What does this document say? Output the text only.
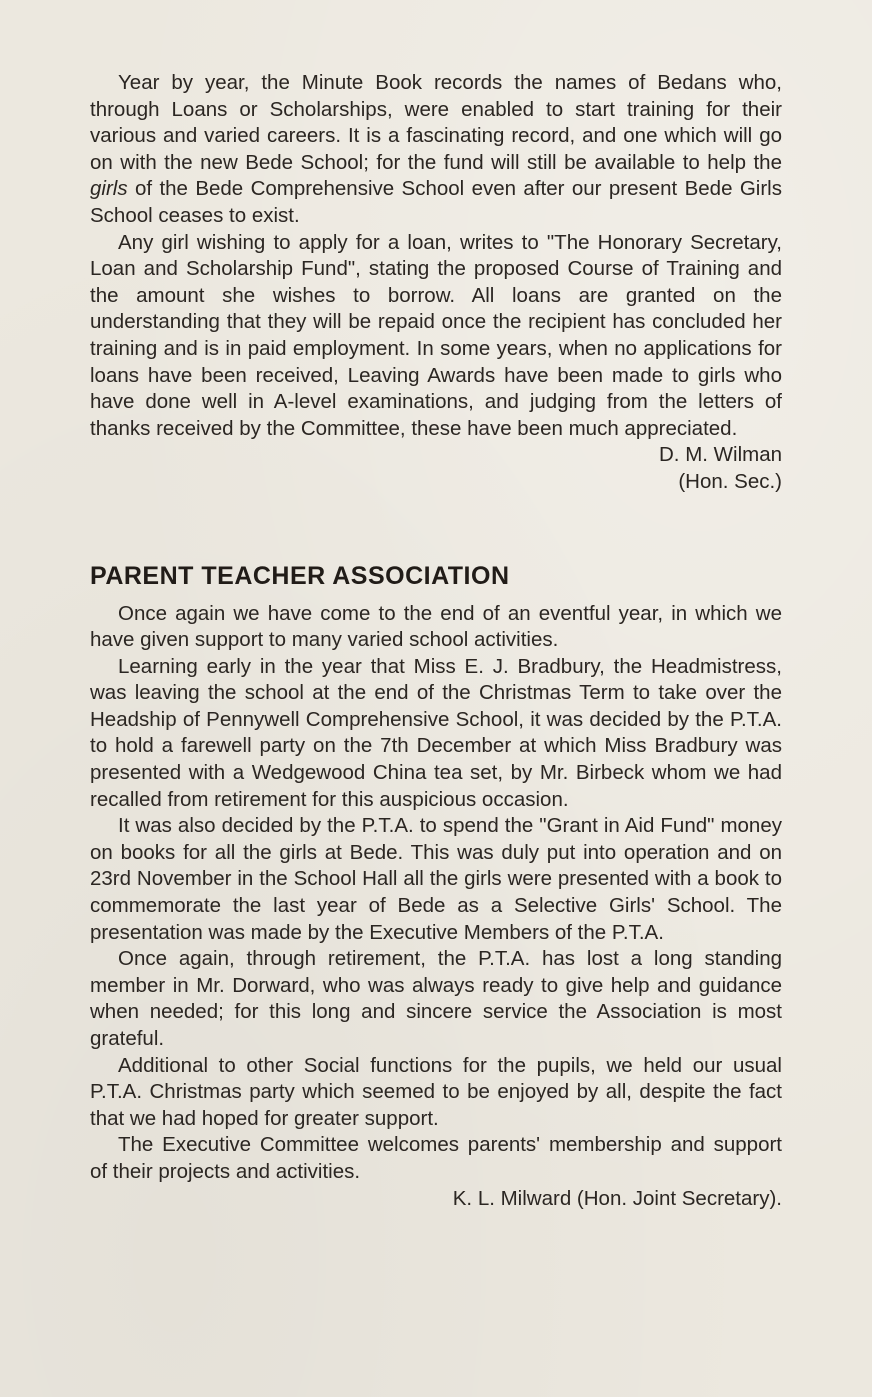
Year by year, the Minute Book records the names of Bedans who, through Loans or Scholarships, were enabled to start training for their various and varied careers. It is a fascinating record, and one which will go on with the new Bede School; for the fund will still be available to help the girls of the Bede Comprehensive School even after our present Bede Girls School ceases to exist.

Any girl wishing to apply for a loan, writes to "The Honorary Secretary, Loan and Scholarship Fund", stating the proposed Course of Training and the amount she wishes to borrow. All loans are granted on the understanding that they will be repaid once the recipient has concluded her training and is in paid employment. In some years, when no applications for loans have been received, Leaving Awards have been made to girls who have done well in A-level examinations, and judging from the letters of thanks received by the Committee, these have been much appreciated.

D. M. Wilman
(Hon. Sec.)
PARENT TEACHER ASSOCIATION

Once again we have come to the end of an eventful year, in which we have given support to many varied school activities.

Learning early in the year that Miss E. J. Bradbury, the Headmistress, was leaving the school at the end of the Christmas Term to take over the Headship of Pennywell Comprehensive School, it was decided by the P.T.A. to hold a farewell party on the 7th December at which Miss Bradbury was presented with a Wedgewood China tea set, by Mr. Birbeck whom we had recalled from retirement for this auspicious occasion.

It was also decided by the P.T.A. to spend the "Grant in Aid Fund" money on books for all the girls at Bede. This was duly put into operation and on 23rd November in the School Hall all the girls were presented with a book to commemorate the last year of Bede as a Selective Girls' School. The presentation was made by the Executive Members of the P.T.A.

Once again, through retirement, the P.T.A. has lost a long standing member in Mr. Dorward, who was always ready to give help and guidance when needed; for this long and sincere service the Association is most grateful.

Additional to other Social functions for the pupils, we held our usual P.T.A. Christmas party which seemed to be enjoyed by all, despite the fact that we had hoped for greater support.

The Executive Committee welcomes parents' membership and support of their projects and activities.

K. L. Milward (Hon. Joint Secretary).
